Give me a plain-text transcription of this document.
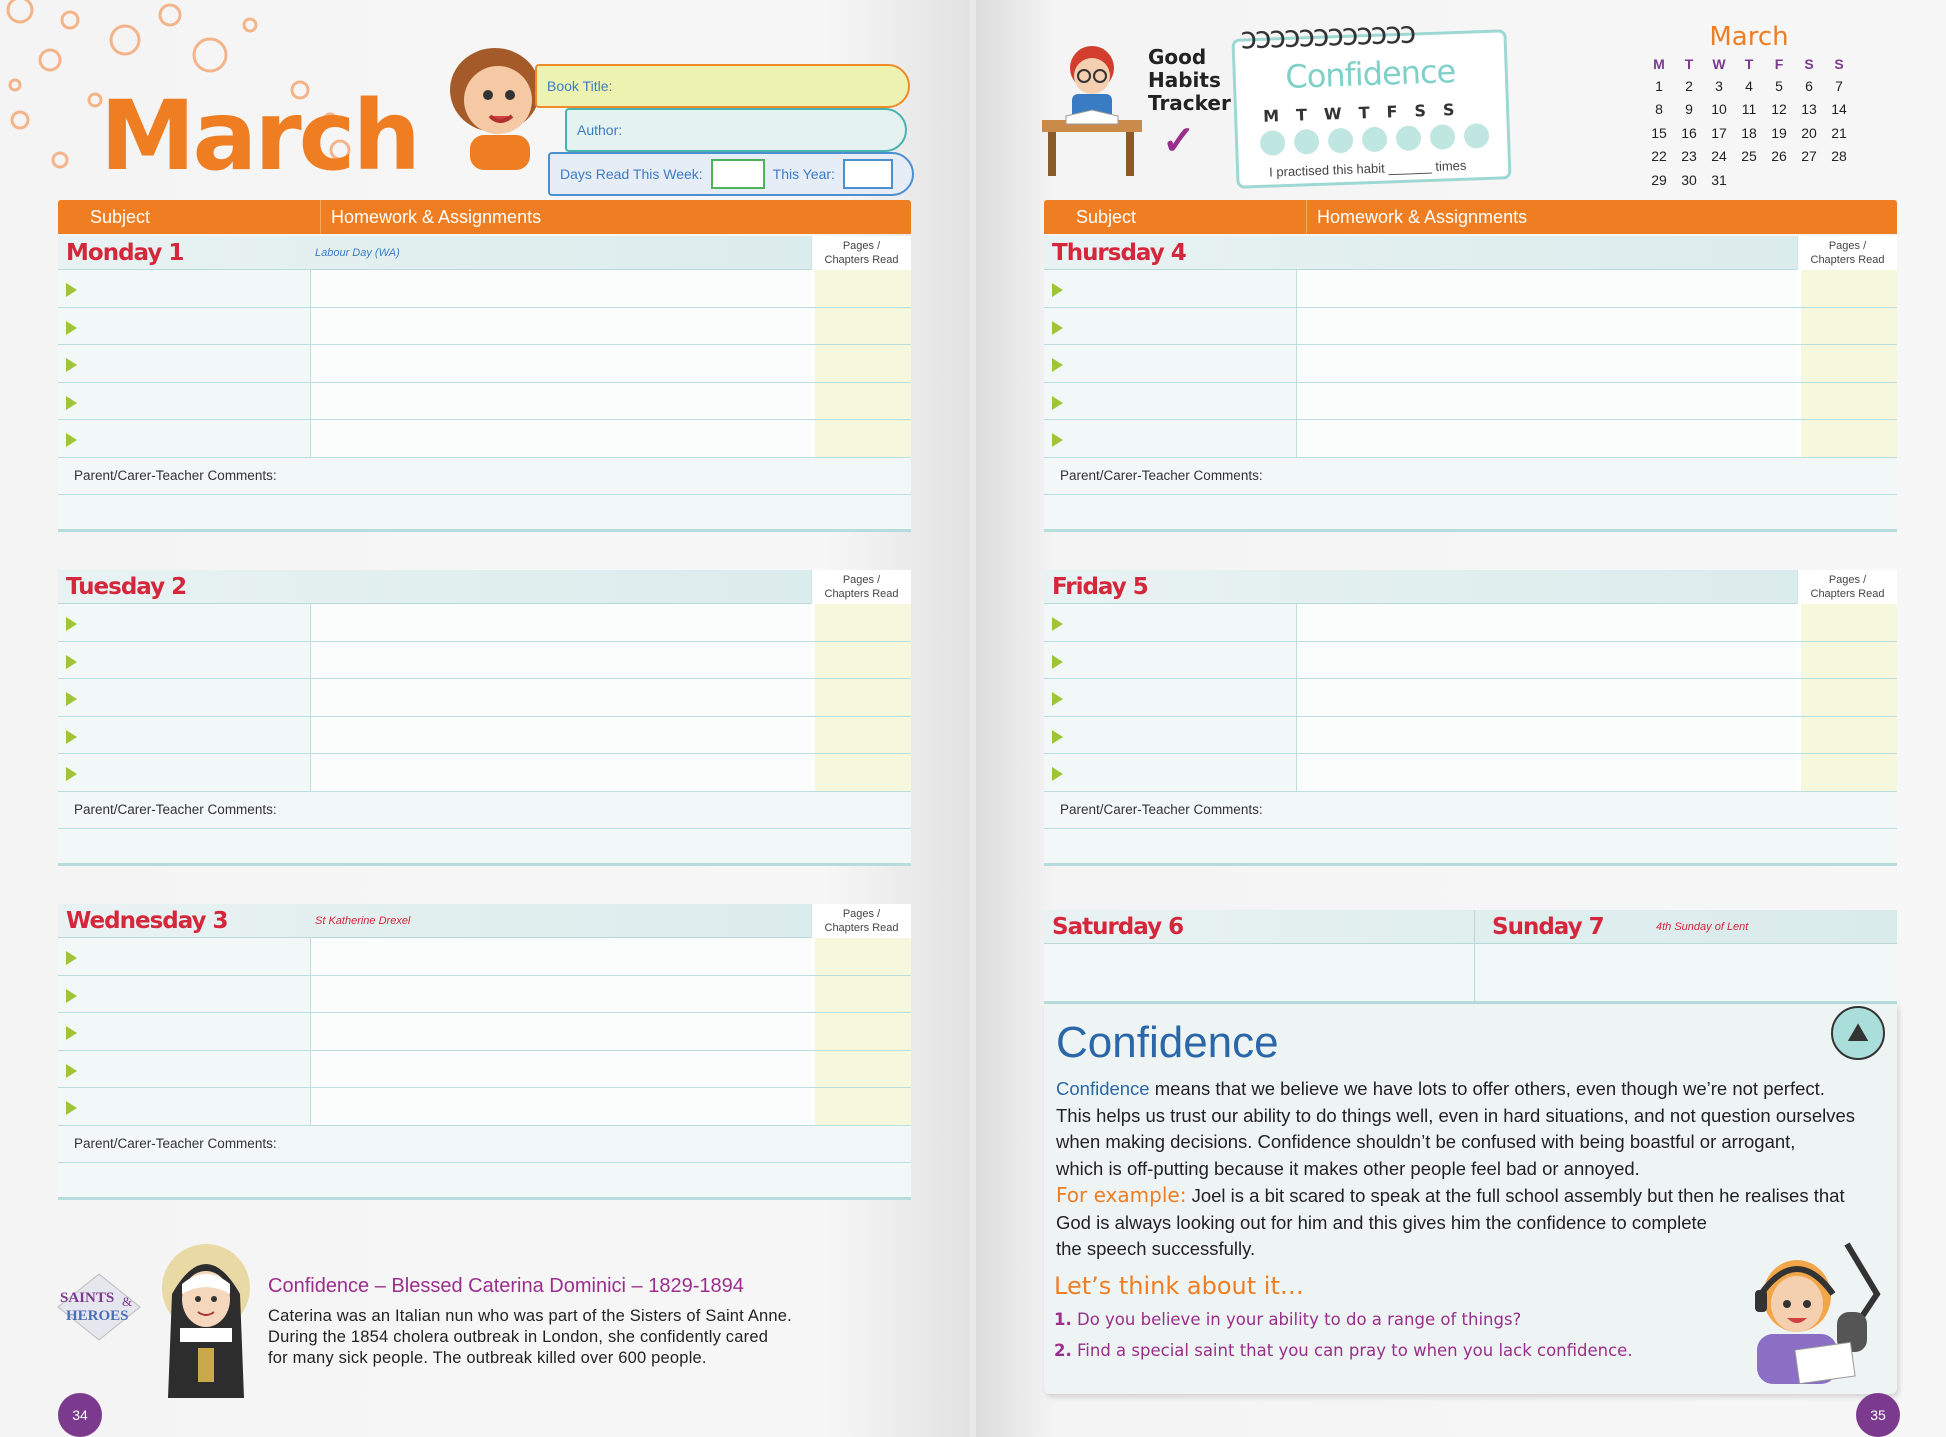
March	Book Title:
Author:
Days Read This Week:	This Year:
Subject	Homework & Assignments
Monday 1	Labour Day (WA)
Pages /
Chapters Read
Parent/Carer-Teacher Comments:
Tuesday 2	Pages /
Chapters Read
Parent/Carer-Teacher Comments:
Wednesday 3	St Katherine Drexel
Pages /
Chapters Read
Parent/Carer-Teacher Comments:
SAINTS &
HEROES
Confidence – Blessed Caterina Dominici – 1829-1894
Caterina was an Italian nun who was part of the Sisters of Saint Anne.
During the 1854 cholera outbreak in London, she confidently cared
for many sick people. The outbreak killed over 600 people.
34
Good
Habits
Tracker
✓
ↄↄↄↄↄↄↄↄↄↄↄↄ
Confidence
M T W T F S S
I practised this habit ______ times
March
M	T	W	T	F	S	S
1	2	3	4	5	6	7
8	9	10	11	12	13	14
15	16	17	18	19	20	21
22	23	24	25	26	27	28
29	30	31				
Subject	Homework & Assignments
Thursday 4	Pages /
Chapters Read
Parent/Carer-Teacher Comments:
Friday 5	Pages /
Chapters Read
Parent/Carer-Teacher Comments:
Saturday 6	Sunday 7	4th Sunday of Lent
Confidence	⛰
Confidence means that we believe we have lots to offer others, even though we’re not perfect.
This helps us trust our ability to do things well, even in hard situations, and not question ourselves
when making decisions. Confidence shouldn’t be confused with being boastful or arrogant,
which is off-putting because it makes other people feel bad or annoyed.
For example: Joel is a bit scared to speak at the full school assembly but then he realises that
God is always looking out for him and this gives him the confidence to complete
the speech successfully.
Let’s think about it…
1. Do you believe in your ability to do a range of things?
2. Find a special saint that you can pray to when you lack confidence.
35
